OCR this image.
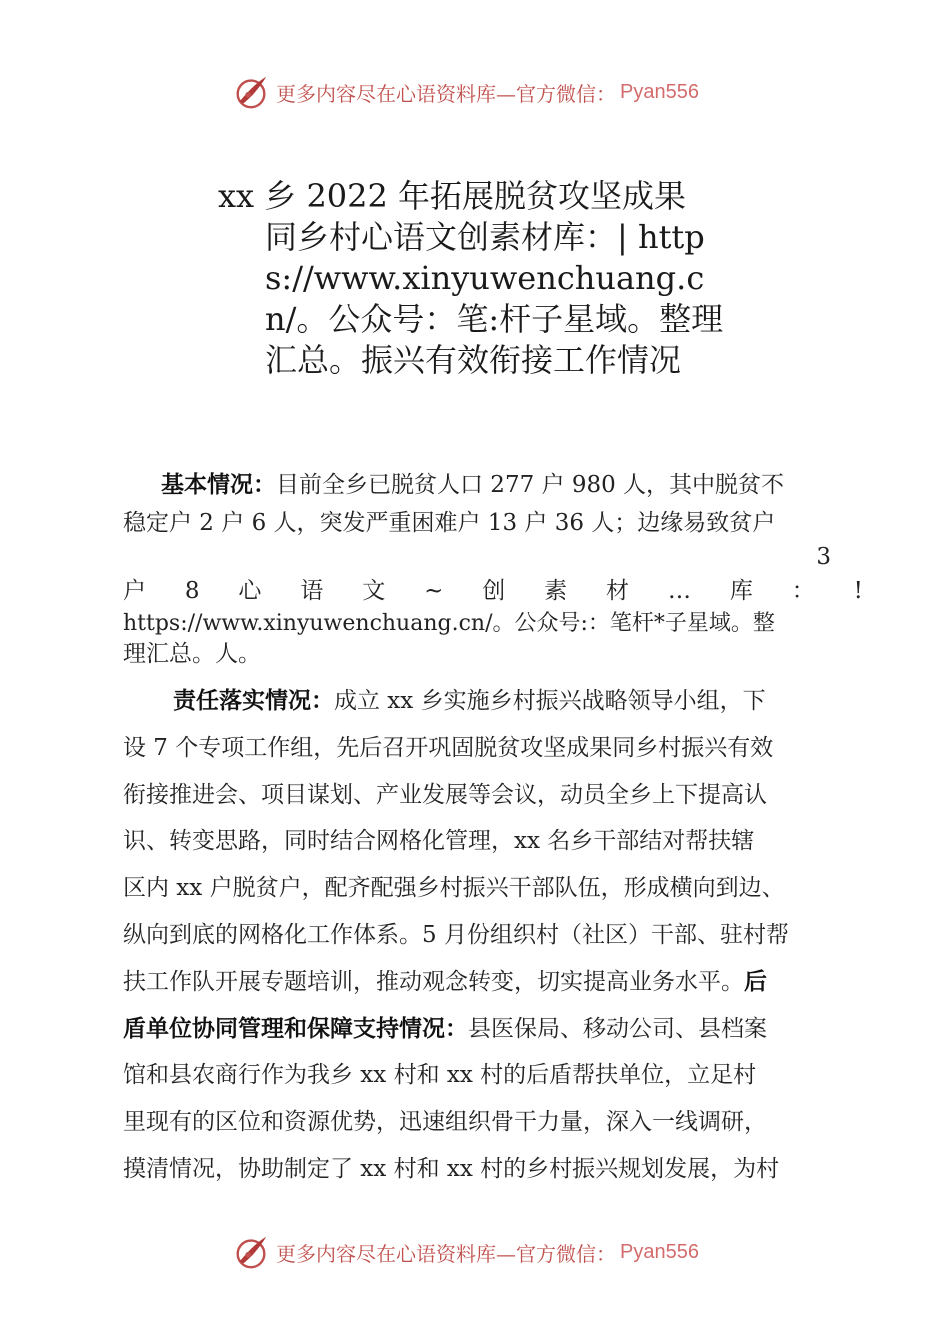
更多内容尽在心语资料库—官方微信： Pyan556
xx 乡 2022 年拓展脱贫攻坚成果
同乡村心语文创素材库：| https://www.xinyuwenchuang.cn/。公众号：笔:杆子星域。整理汇总。振兴有效衔接工作情况
基本情况：目前全乡已脱贫人口 277 户 980 人，其中脱贫不
稳定户 2 户 6 人，突发严重困难户 13 户 36 人；边缘易致贫户
3
户 8 心 语 文 ~ 创 素 材 … 库 ： !
https://www.xinyuwenchuang.cn/。公众号:：笔杆*子星域。整
理汇总。人。
责任落实情况：成立 xx 乡实施乡村振兴战略领导小组，下
设 7 个专项工作组，先后召开巩固脱贫攻坚成果同乡村振兴有效
衔接推进会、项目谋划、产业发展等会议，动员全乡上下提高认
识、转变思路，同时结合网格化管理，xx 名乡干部结对帮扶辖
区内 xx 户脱贫户，配齐配强乡村振兴干部队伍，形成横向到边、
纵向到底的网格化工作体系。5 月份组织村（社区）干部、驻村帮
扶工作队开展专题培训，推动观念转变，切实提高业务水平。后
盾单位协同管理和保障支持情况：县医保局、移动公司、县档案
馆和县农商行作为我乡 xx 村和 xx 村的后盾帮扶单位，立足村
里现有的区位和资源优势，迅速组织骨干力量，深入一线调研，
摸清情况，协助制定了 xx 村和 xx 村的乡村振兴规划发展，为村
更多内容尽在心语资料库—官方微信： Pyan556
